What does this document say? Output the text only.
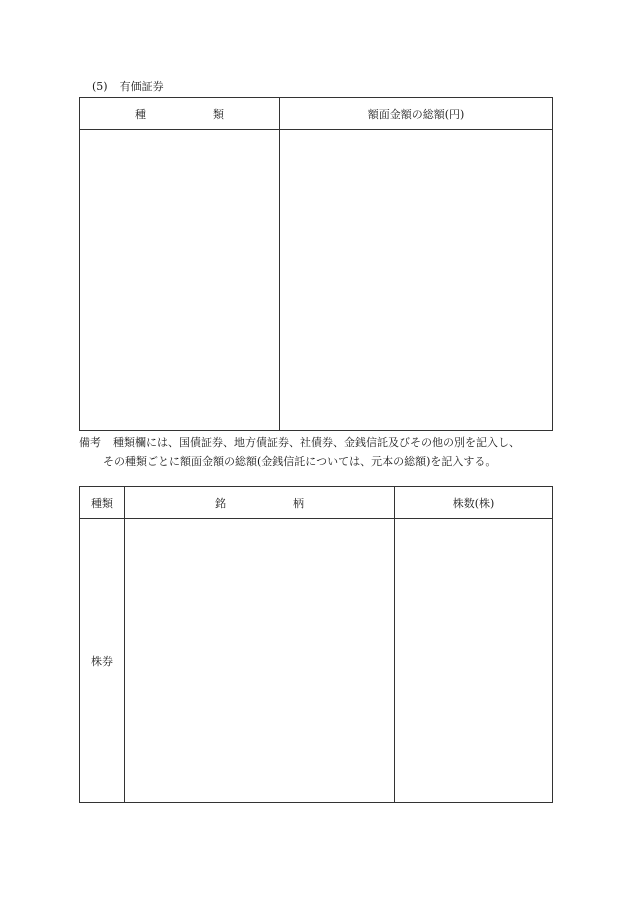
(5) 有価証券
種　類	額面金額の総額(円)

備考 種類欄には、国債証券、地方債証券、社債券、金銭信託及びその他の別を記入し、
その種類ごとに額面金額の総額(金銭信託については、元本の総額)を記入する。
種類	銘　柄	株数(株)
株券		
